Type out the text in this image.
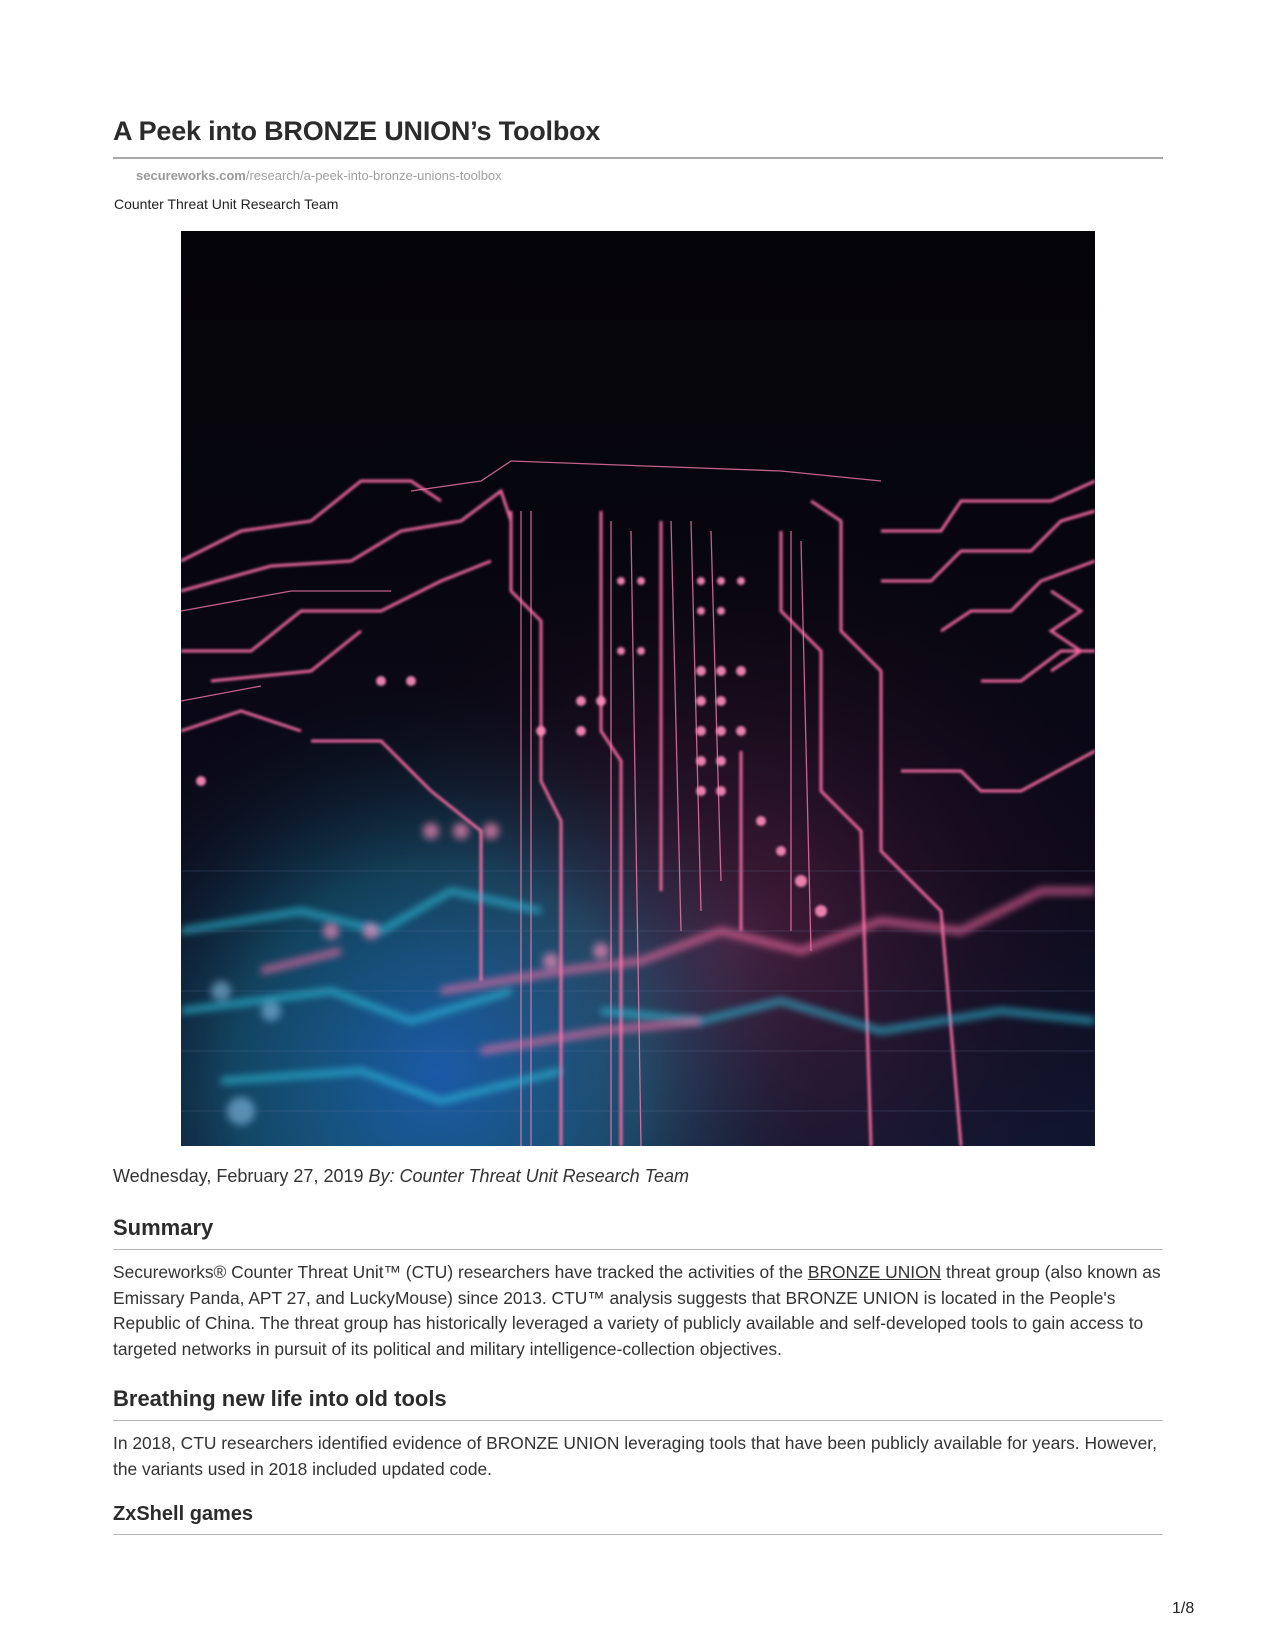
A Peek into BRONZE UNION’s Toolbox
secureworks.com/research/a-peek-into-bronze-unions-toolbox
Counter Threat Unit Research Team
Wednesday, February 27, 2019 By: Counter Threat Unit Research Team
Summary

Secureworks® Counter Threat Unit™ (CTU) researchers have tracked the activities of the BRONZE UNION threat group (also known as Emissary Panda, APT 27, and LuckyMouse) since 2013. CTU™ analysis suggests that BRONZE UNION is located in the People's Republic of China. The threat group has historically leveraged a variety of publicly available and self-developed tools to gain access to targeted networks in pursuit of its political and military intelligence-collection objectives.

Breathing new life into old tools

In 2018, CTU researchers identified evidence of BRONZE UNION leveraging tools that have been publicly available for years. However, the variants used in 2018 included updated code.

ZxShell games
1/8
